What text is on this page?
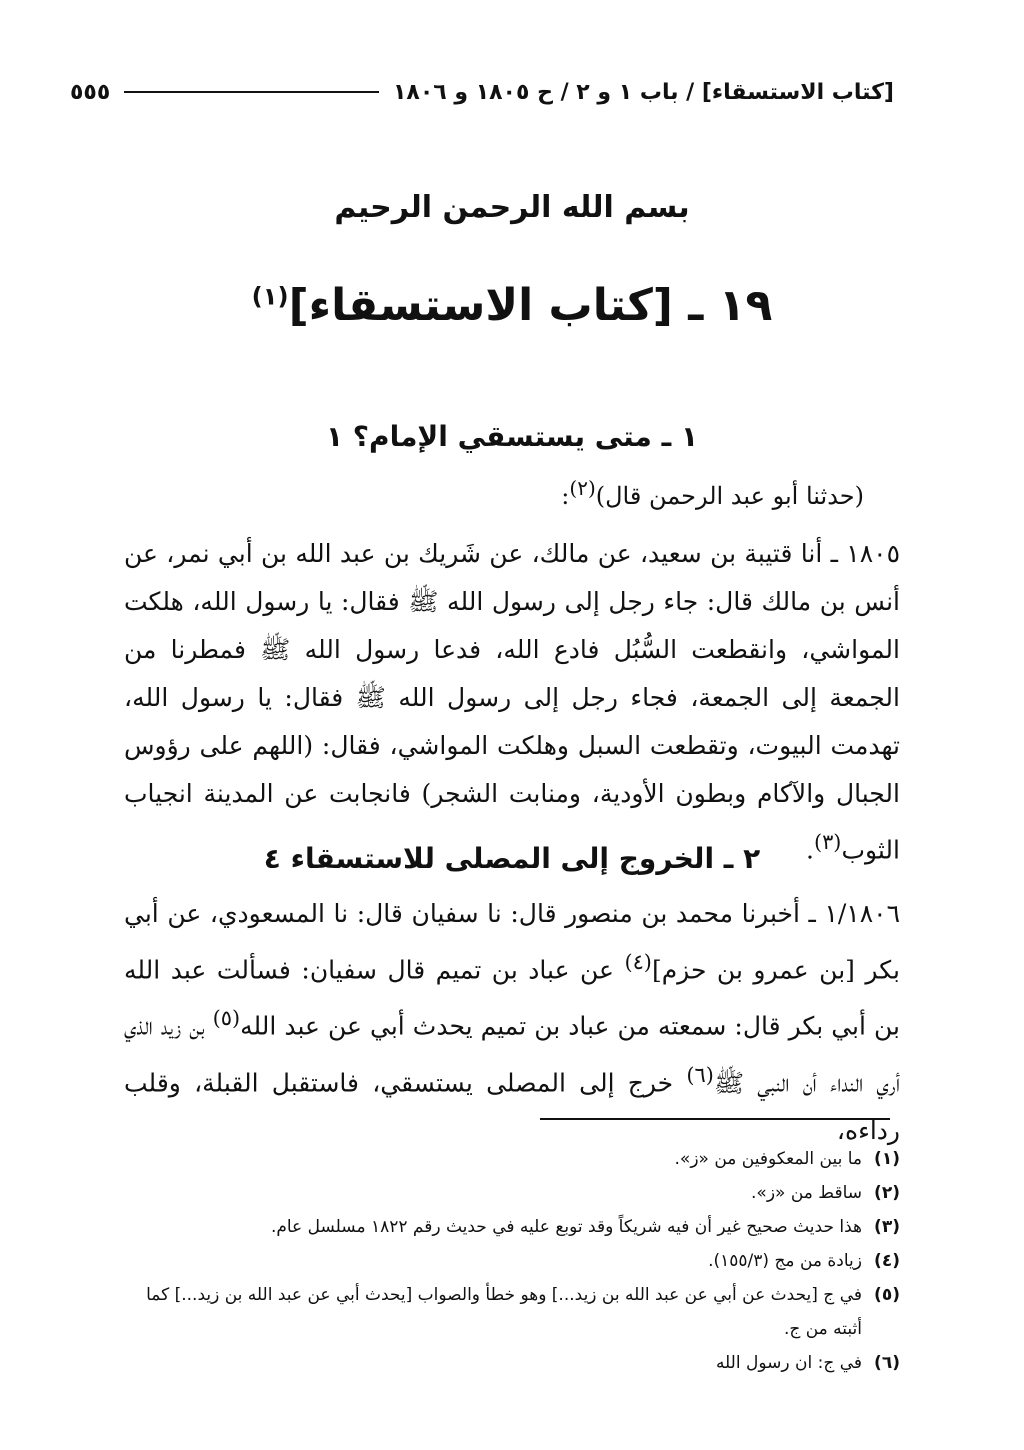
[كتاب الاستسقاء] / باب ١ و ٢ / ح ١٨٠٥ و ١٨٠٦
٥٥٥
بسم الله الرحمن الرحيم
١٩ ـ [كتاب الاستسقاء]$^{(١)}$
١ ـ متى يستسقي الإمام؟ ١
(حدثنا أبو عبد الرحمن قال)$^{(٢)}$:
١٨٠٥ ـ أنا قتيبة بن سعيد، عن مالك، عن شَريك بن عبد الله بن أبي نمر، عن أنس بن مالك قال: جاء رجل إلى رسول الله ﷺ فقال: يا رسول الله، هلكت المواشي، وانقطعت السُّبُل فادع الله، فدعا رسول الله ﷺ فمطرنا من الجمعة إلى الجمعة، فجاء رجل إلى رسول الله ﷺ فقال: يا رسول الله، تهدمت البيوت، وتقطعت السبل وهلكت المواشي، فقال: (اللهم على رؤوس الجبال والآكام وبطون الأودية، ومنابت الشجر) فانجابت عن المدينة انجياب الثوب$^{(٣)}$.
٢ ـ الخروج إلى المصلى للاستسقاء ٤
١/١٨٠٦ ـ أخبرنا محمد بن منصور قال: نا سفيان قال: نا المسعودي، عن أبي بكر [بن عمرو بن حزم]$^{(٤)}$ عن عباد بن تميم قال سفيان: فسألت عبد الله بن أبي بكر قال: سمعته من عباد بن تميم يحدث أبي عن عبد الله$^{(٥)}$ بن زيد الذي أري النداء أن النبي ﷺ$^{(٦)}$ خرج إلى المصلى يستسقي، فاستقبل القبلة، وقلب رداءه،
(١)
ما بين المعكوفين من «ز».
(٢)
ساقط من «ز».
(٣)
هذا حديث صحيح غير أن فيه شريكاً وقد توبع عليه في حديث رقم ١٨٢٢ مسلسل عام.
(٤)
زيادة من مج (١٥٥/٣).
(٥)
في ج [يحدث عن أبي عن عبد الله بن زيد...] وهو خطأ والصواب [يحدث أبي عن عبد الله بن زيد...] كما أثبته من ج.
(٦)
في ج: ان رسول الله
